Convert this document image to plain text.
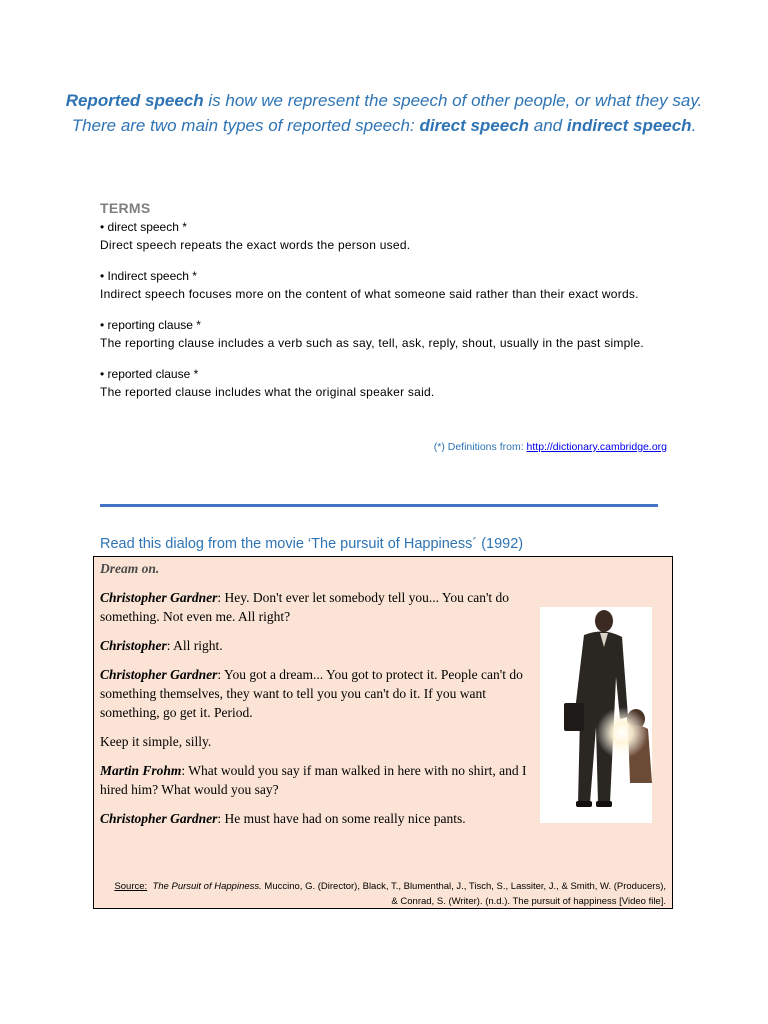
Reported speech is how we represent the speech of other people, or what they say. There are two main types of reported speech: direct speech and indirect speech.
TERMS
• direct speech *
Direct speech repeats the exact words the person used.
• Indirect speech *
Indirect speech focuses more on the content of what someone said rather than their exact words.
• reporting clause *
The reporting clause includes a verb such as say, tell, ask, reply, shout, usually in the past simple.
• reported clause *
The reported clause includes what the original speaker said.
(*) Definitions from: http://dictionary.cambridge.org
Read this dialog from the movie ‘The pursuit of Happiness´ (1992)

Dream on.

Christopher Gardner: Hey. Don't ever let somebody tell you... You can't do something. Not even me. All right?

Christopher: All right.

Christopher Gardner: You got a dream... You got to protect it. People can't do something themselves, they want to tell you you can't do it. If you want something, go get it. Period.

Keep it simple, silly.

Martin Frohm: What would you say if man walked in here with no shirt, and I hired him? What would you say?

Christopher Gardner: He must have had on some really nice pants.

Source: The Pursuit of Happiness. Muccino, G. (Director), Black, T., Blumenthal, J., Tisch, S., Lassiter, J., & Smith, W. (Producers), & Conrad, S. (Writer). (n.d.). The pursuit of happiness [Video file].
